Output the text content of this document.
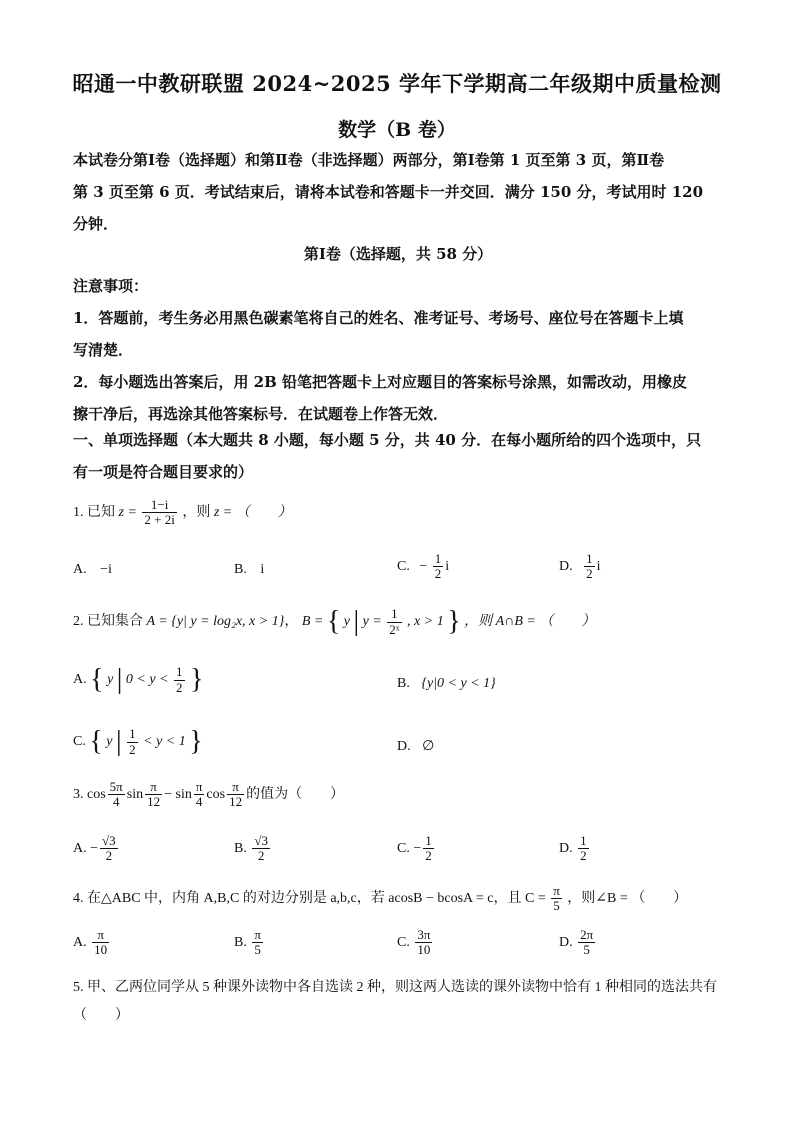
昭通一中教研联盟 2024~2025 学年下学期高二年级期中质量检测
数学（B 卷）
本试卷分第Ⅰ卷（选择题）和第Ⅱ卷（非选择题）两部分，第Ⅰ卷第 1 页至第 3 页，第Ⅱ卷
第 3 页至第 6 页．考试结束后，请将本试卷和答题卡一并交回．满分 150 分，考试用时 120
分钟．
第Ⅰ卷（选择题，共 58 分）
注意事项：
1．答题前，考生务必用黑色碳素笔将自己的姓名、准考证号、考场号、座位号在答题卡上填
写清楚．
2．每小题选出答案后，用 2B 铅笔把答题卡上对应题目的答案标号涂黑，如需改动，用橡皮
擦干净后，再选涂其他答案标号．在试题卷上作答无效．
一、单项选择题（本大题共 8 小题，每小题 5 分，共 40 分．在每小题所给的四个选项中，只
有一项是符合题目要求的）
1. 已知 $z = \frac{1-i}{2 + 2i}$ ，则 z = （　　）
A. −i	B. i	C. − $\frac{1}{2}$ i	D. $\frac{1}{2}$ i
2. 已知集合 A = {y| y = log₂x, x > 1}， B = { y | $y = \frac{1}{\text{2ˣ}}$ , x > 1 } ，则 A∩B = （　　）
A. { y | $0 < y < \frac{1}{2}$ }	B. {y|0 < y < 1}
C. { y | $\frac{1}{2} < y < 1$ }	D. ∅
3. $\cos \frac{5\pi}{4}$ $\sin \frac{\pi}{12} - \sin \frac{\pi}{4}$ $\cos \frac{\pi}{12}$ 的值为（　　）
A. − $\frac{√3}{2}$	B. $\frac{√3}{2}$	C. − $\frac{1}{2}$	D. $\frac{1}{2}$
4. 在△ABC 中，内角 A,B,C 的对边分别是 a,b,c，若 acosB − bcosA = c，且 $C = \frac{\pi}{5}$ ，则∠B = （　　）
A. $\frac{\pi}{10}$	B. $\frac{\pi}{5}$	C. $\frac{3\pi}{10}$	D. $\frac{2\pi}{5}$
5. 甲、乙两位同学从 5 种课外读物中各自选读 2 种，则这两人选读的课外读物中恰有 1 种相同的选法共有
（　　）
